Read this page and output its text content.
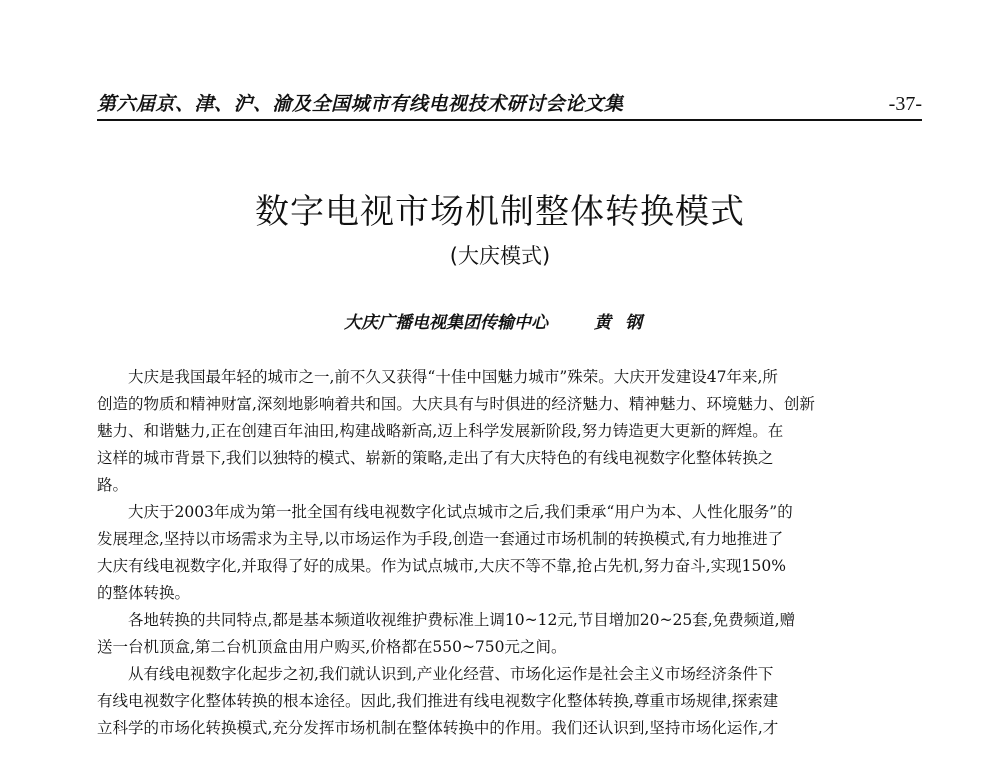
第六届京、津、沪、渝及全国城市有线电视技术研讨会论文集	-37-
数字电视市场机制整体转换模式
(大庆模式)
大庆广播电视集团传输中心	黄钢

大庆是我国最年轻的城市之一,前不久又获得“十佳中国魅力城市”殊荣。大庆开发建设47年来,所
创造的物质和精神财富,深刻地影响着共和国。大庆具有与时俱进的经济魅力、精神魅力、环境魅力、创新
魅力、和谐魅力,正在创建百年油田,构建战略新高,迈上科学发展新阶段,努力铸造更大更新的辉煌。在
这样的城市背景下,我们以独特的模式、崭新的策略,走出了有大庆特色的有线电视数字化整体转换之
路。

大庆于2003年成为第一批全国有线电视数字化试点城市之后,我们秉承“用户为本、人性化服务”的
发展理念,坚持以市场需求为主导,以市场运作为手段,创造一套通过市场机制的转换模式,有力地推进了
大庆有线电视数字化,并取得了好的成果。作为试点城市,大庆不等不靠,抢占先机,努力奋斗,实现150%
的整体转换。

各地转换的共同特点,都是基本频道收视维护费标准上调10~12元,节目增加20~25套,免费频道,赠
送一台机顶盒,第二台机顶盒由用户购买,价格都在550~750元之间。

从有线电视数字化起步之初,我们就认识到,产业化经营、市场化运作是社会主义市场经济条件下
有线电视数字化整体转换的根本途径。因此,我们推进有线电视数字化整体转换,尊重市场规律,探索建
立科学的市场化转换模式,充分发挥市场机制在整体转换中的作用。我们还认识到,坚持市场化运作,才
